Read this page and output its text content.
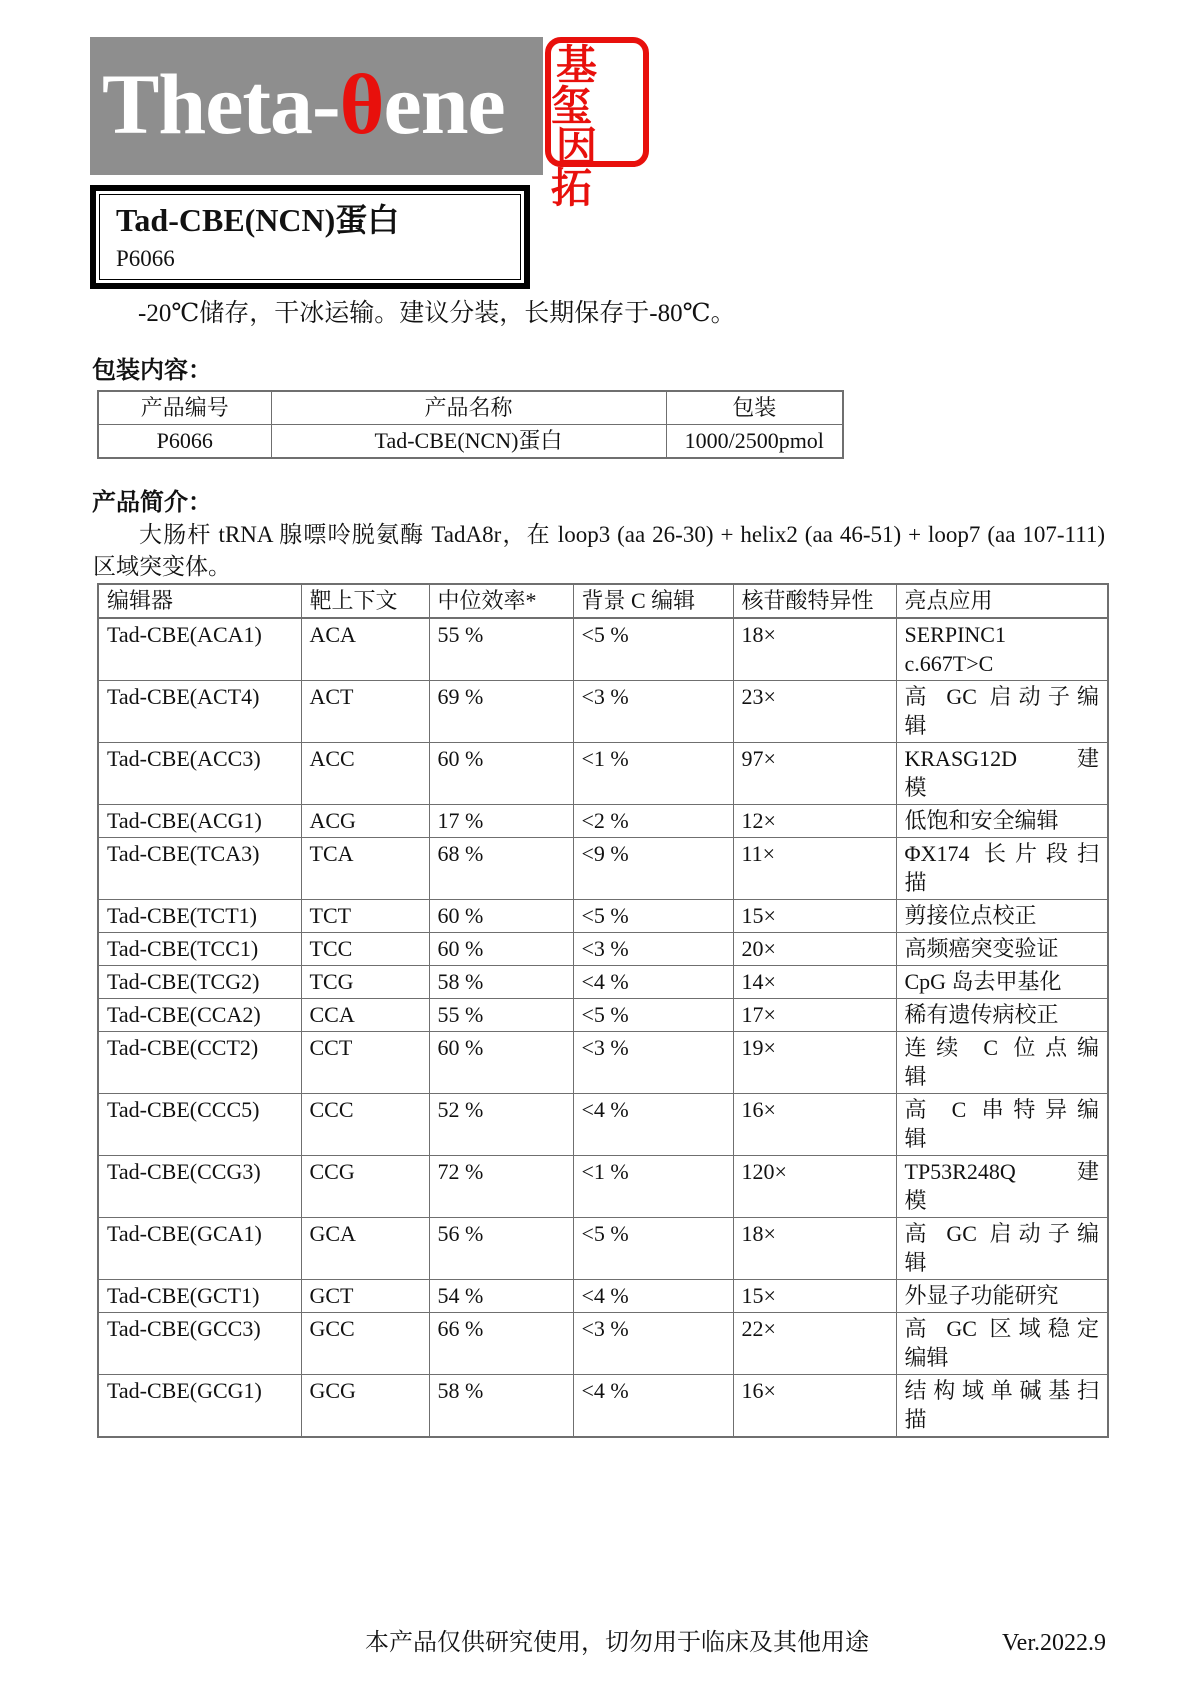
Theta-θene 基玺
因拓
Tad-CBE(NCN)蛋白
P6066
-20℃储存，干冰运输。建议分装，长期保存于-80℃。
包装内容：
产品编号	产品名称	包装
P6066	Tad-CBE(NCN)蛋白	1000/2500pmol
产品简介：
大肠杆 tRNA 腺嘌呤脱氨酶 TadA8r，在 loop3 (aa 26-30) + helix2 (aa 46-51) + loop7 (aa 107-111)
区域突变体。
编辑器	靶上下文	中位效率*	背景 C 编辑	核苷酸特异性	亮点应用
Tad-CBE(ACA1)	ACA	55 %	<5 %	18×	SERPINC1
c.667T>C

Tad-CBE(ACT4)	ACT	69 %	<3 %	23×	高 GC 启动子编
辑

Tad-CBE(ACC3)	ACC	60 %	<1 %	97×	KRASG12D 建
模

Tad-CBE(ACG1)	ACG	17 %	<2 %	12×	低饱和安全编辑

Tad-CBE(TCA3)	TCA	68 %	<9 %	11×	ΦX174 长片段扫
描

Tad-CBE(TCT1)	TCT	60 %	<5 %	15×	剪接位点校正

Tad-CBE(TCC1)	TCC	60 %	<3 %	20×	高频癌突变验证

Tad-CBE(TCG2)	TCG	58 %	<4 %	14×	CpG 岛去甲基化

Tad-CBE(CCA2)	CCA	55 %	<5 %	17×	稀有遗传病校正

Tad-CBE(CCT2)	CCT	60 %	<3 %	19×	连续 C 位点编
辑

Tad-CBE(CCC5)	CCC	52 %	<4 %	16×	高 C 串特异编
辑

Tad-CBE(CCG3)	CCG	72 %	<1 %	120×	TP53R248Q 建
模

Tad-CBE(GCA1)	GCA	56 %	<5 %	18×	高 GC 启动子编
辑

Tad-CBE(GCT1)	GCT	54 %	<4 %	15×	外显子功能研究

Tad-CBE(GCC3)	GCC	66 %	<3 %	22×	高 GC 区域稳定
编辑

Tad-CBE(GCG1)	GCG	58 %	<4 %	16×	结构域单碱基扫
描
本产品仅供研究使用，切勿用于临床及其他用途	Ver.2022.9
